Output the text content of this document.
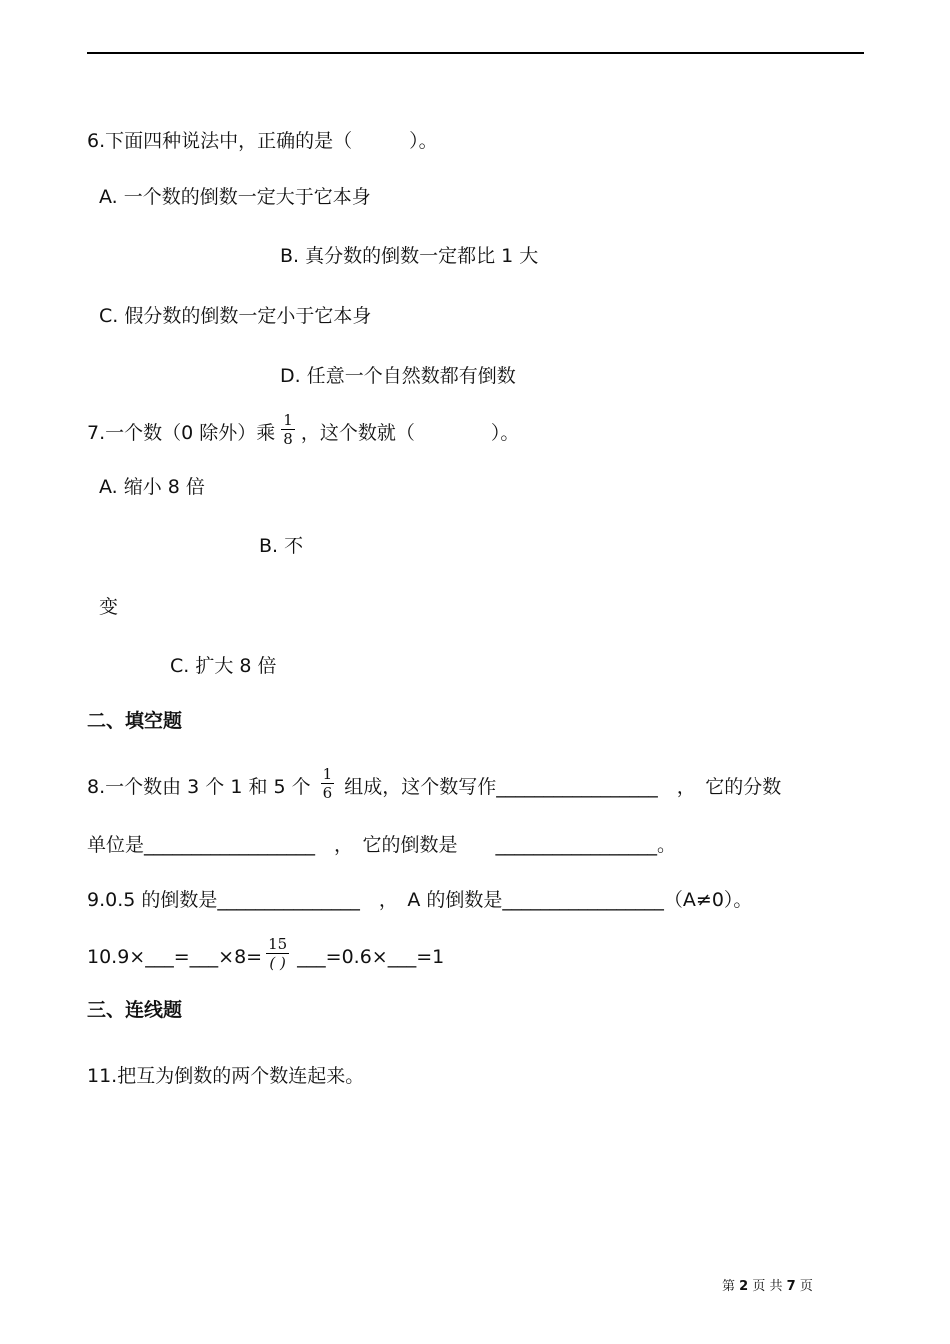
6.下面四种说法中，正确的是（　　　）。
A. 一个数的倒数一定大于它本身
B. 真分数的倒数一定都比 1 大
C. 假分数的倒数一定小于它本身
D. 任意一个自然数都有倒数
7.一个数（0 除外）乘 $\frac{1}{8}$ ，这个数就（　　　　）。
A. 缩小 8 倍
B. 不
变
C. 扩大 8 倍
二、填空题
8.一个数由 3 个 1 和 5 个 $\frac{1}{6}$ 组成，这个数写作_________________　，　它的分数
单位是__________________　，　它的倒数是　　_________________。
9.0.5 的倒数是_______________　，　A 的倒数是_________________（A≠0）。
10.9×___=___×8= $\frac{15}{( )}$ ___=0.6×___=1
三、连线题
11.把互为倒数的两个数连起来。
第 2 页 共 7 页
